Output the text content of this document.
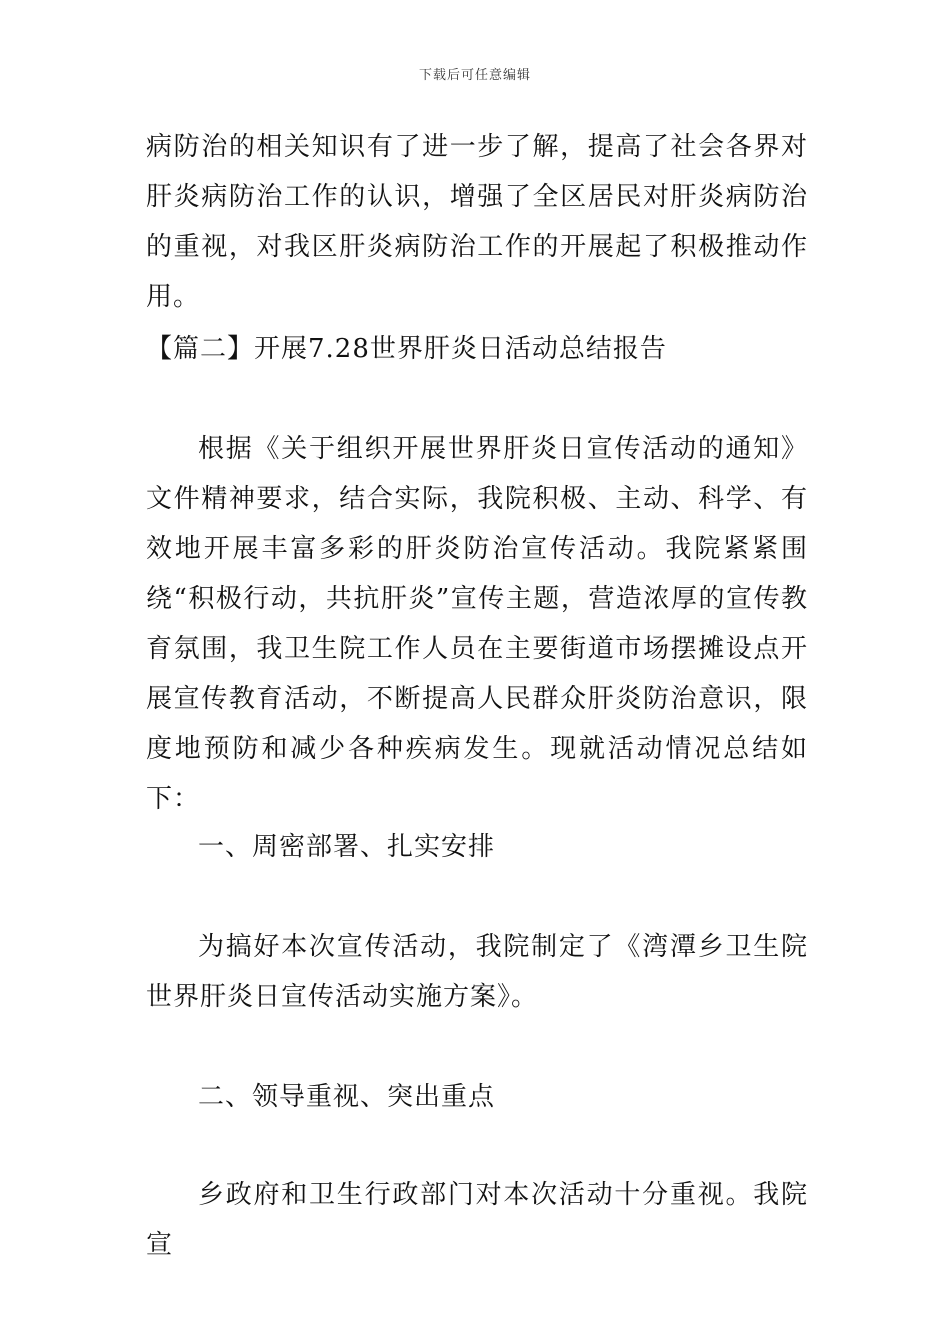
下载后可任意编辑
病防治的相关知识有了进一步了解，提高了社会各界对肝炎病防治工作的认识，增强了全区居民对肝炎病防治的重视，对我区肝炎病防治工作的开展起了积极推动作用。
【篇二】开展7.28世界肝炎日活动总结报告
根据《关于组织开展世界肝炎日宣传活动的通知》文件精神要求，结合实际，我院积极、主动、科学、有效地开展丰富多彩的肝炎防治宣传活动。我院紧紧围绕“积极行动，共抗肝炎”宣传主题，营造浓厚的宣传教育氛围，我卫生院工作人员在主要街道市场摆摊设点开展宣传教育活动，不断提高人民群众肝炎防治意识，限度地预防和减少各种疾病发生。现就活动情况总结如下：
一、周密部署、扎实安排
为搞好本次宣传活动，我院制定了《湾潭乡卫生院世界肝炎日宣传活动实施方案》。
二、领导重视、突出重点
乡政府和卫生行政部门对本次活动十分重视。我院宣
